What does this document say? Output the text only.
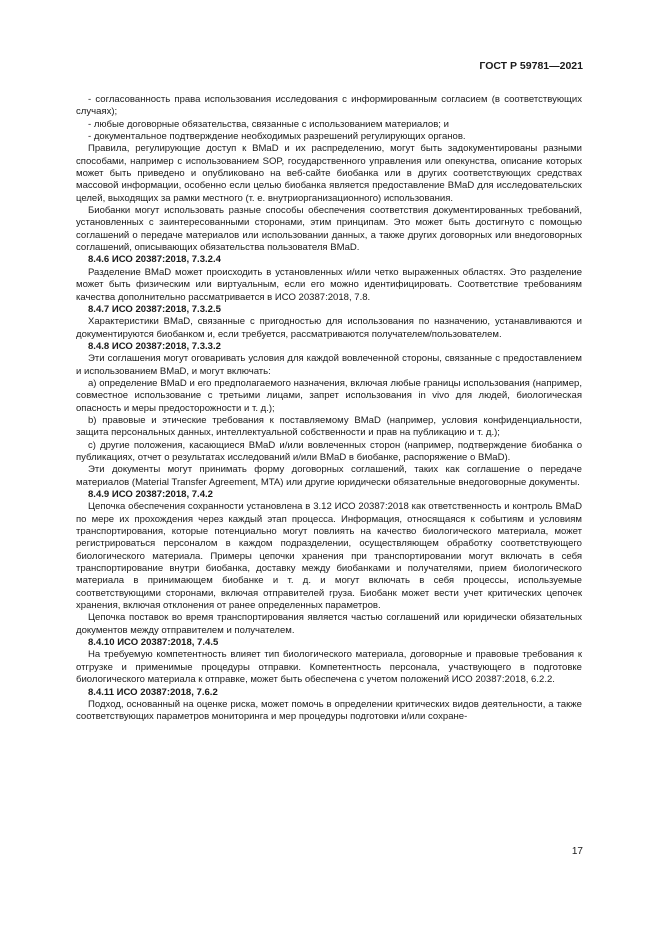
ГОСТ Р 59781—2021

- согласованность права использования исследования с информированным согласием (в соответствующих случаях);

- любые договорные обязательства, связанные с использованием материалов; и

- документальное подтверждение необходимых разрешений регулирующих органов.

Правила, регулирующие доступ к BMaD и их распределению, могут быть задокументированы разными способами, например с использованием SOP, государственного управления или опекунства, описание которых может быть приведено и опубликовано на веб-сайте биобанка или в других соответствующих средствах массовой информации, особенно если целью биобанка является предоставление BMaD для исследовательских целей, выходящих за рамки местного (т. е. внутриорганизационного) использования.

Биобанки могут использовать разные способы обеспечения соответствия документированных требований, установленных с заинтересованными сторонами, этим принципам. Это может быть достигнуто с помощью соглашений о передаче материалов или использовании данных, а также других договорных или внедоговорных соглашений, описывающих обязательства пользователя BMaD.

8.4.6 ИСО 20387:2018, 7.3.2.4

Разделение BMaD может происходить в установленных и/или четко выраженных областях. Это разделение может быть физическим или виртуальным, если его можно идентифицировать. Соответствие требованиям качества дополнительно рассматривается в ИСО 20387:2018, 7.8.

8.4.7 ИСО 20387:2018, 7.3.2.5

Характеристики BMaD, связанные с пригодностью для использования по назначению, устанавливаются и документируются биобанком и, если требуется, рассматриваются получателем/пользователем.

8.4.8 ИСО 20387:2018, 7.3.3.2

Эти соглашения могут оговаривать условия для каждой вовлеченной стороны, связанные с предоставлением и использованием BMaD, и могут включать:

а) определение BMaD и его предполагаемого назначения, включая любые границы использования (например, совместное использование с третьими лицами, запрет использования in vivo для людей, биологическая опасность и меры предосторожности и т. д.);

b) правовые и этические требования к поставляемому BMaD (например, условия конфиденциальности, защита персональных данных, интеллектуальной собственности и прав на публикацию и т. д.);

с) другие положения, касающиеся BMaD и/или вовлеченных сторон (например, подтверждение биобанка о публикациях, отчет о результатах исследований и/или BMaD в биобанке, распоряжение о BMaD).

Эти документы могут принимать форму договорных соглашений, таких как соглашение о передаче материалов (Material Transfer Agreement, MTA) или другие юридически обязательные внедоговорные документы.

8.4.9 ИСО 20387:2018, 7.4.2

Цепочка обеспечения сохранности установлена в 3.12 ИСО 20387:2018 как ответственность и контроль BMaD по мере их прохождения через каждый этап процесса. Информация, относящаяся к событиям и условиям транспортирования, которые потенциально могут повлиять на качество биологического материала, может регистрироваться персоналом в каждом подразделении, осуществляющем обработку соответствующего биологического материала. Примеры цепочки хранения при транспортировании могут включать в себя транспортирование внутри биобанка, доставку между биобанками и получателями, прием биологического материала в принимающем биобанке и т. д. и могут включать в себя процессы, используемые соответствующими сторонами, включая отправителей груза. Биобанк может вести учет критических цепочек хранения, включая отклонения от ранее определенных параметров.

Цепочка поставок во время транспортирования является частью соглашений или юридически обязательных документов между отправителем и получателем.

8.4.10 ИСО 20387:2018, 7.4.5

На требуемую компетентность влияет тип биологического материала, договорные и правовые требования к отгрузке и применимые процедуры отправки. Компетентность персонала, участвующего в подготовке биологического материала к отправке, может быть обеспечена с учетом положений ИСО 20387:2018, 6.2.2.

8.4.11 ИСО 20387:2018, 7.6.2

Подход, основанный на оценке риска, может помочь в определении критических видов деятельности, а также соответствующих параметров мониторинга и мер процедуры подготовки и/или сохране-

17
